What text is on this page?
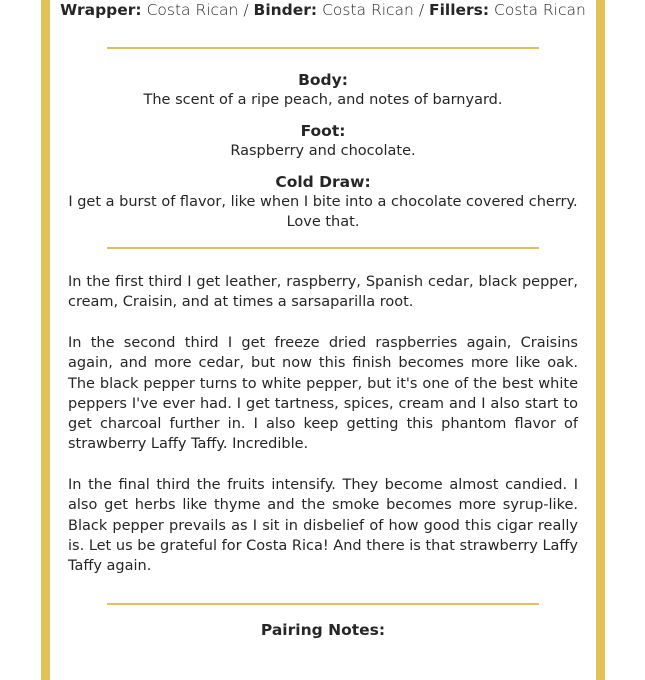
Wrapper: Costa Rican / Binder: Costa Rican / Fillers: Costa Rican
Body:
The scent of a ripe peach, and notes of barnyard.
Foot:
Raspberry and chocolate.
Cold Draw:
I get a burst of flavor, like when I bite into a chocolate covered cherry. Love that.

In the first third I get leather, raspberry, Spanish cedar, black pepper, cream, Craisin, and at times a sarsaparilla root.

In the second third I get freeze dried raspberries again, Craisins again, and more cedar, but now this finish becomes more like oak. The black pepper turns to white pepper, but it's one of the best white peppers I've ever had. I get tartness, spices, cream and I also start to get charcoal further in. I also keep getting this phantom flavor of strawberry Laffy Taffy. Incredible.

In the final third the fruits intensify. They become almost candied. I also get herbs like thyme and the smoke becomes more syrup-like. Black pepper prevails as I sit in disbelief of how good this cigar really is. Let us be grateful for Costa Rica! And there is that strawberry Laffy Taffy again.

Pairing Notes:
